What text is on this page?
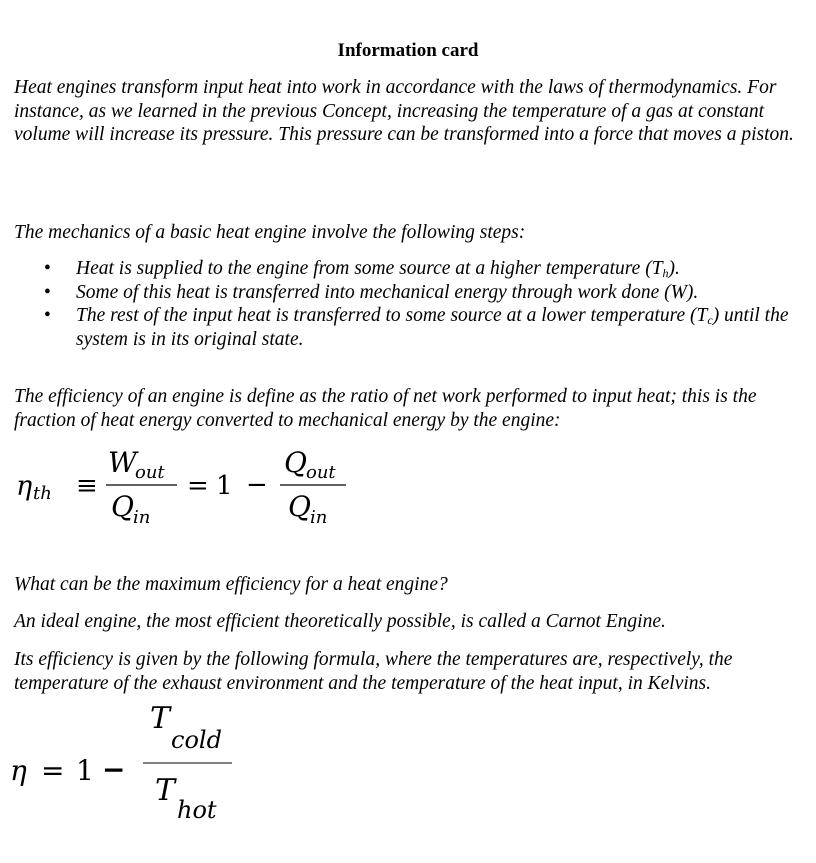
Information card

Heat engines transform input heat into work in accordance with the laws of thermodynamics. For instance, as we learned in the previous Concept, increasing the temperature of a gas at constant volume will increase its pressure. This pressure can be transformed into a force that moves a piston.

The mechanics of a basic heat engine involve the following steps:

• Heat is supplied to the engine from some source at a higher temperature $(T_h)$.
• Some of this heat is transferred into mechanical energy through work done (W).
• The rest of the input heat is transferred to some source at a lower temperature $(T_c)$ until the system is in its original state.

The efficiency of an engine is define as the ratio of net work performed to input heat; this is the fraction of heat energy converted to mechanical energy by the engine:

η th ≡
W
out
Q in
= 1 −
Q out
Q in

What can be the maximum efficiency for a heat engine?

An ideal engine, the most efficient theoretically possible, is called a Carnot Engine.

Its efficiency is given by the following formula, where the temperatures are, respectively, the temperature of the exhaust environment and the temperature of the heat input, in Kelvins.

η = 1 −
T
cold
T
hot
